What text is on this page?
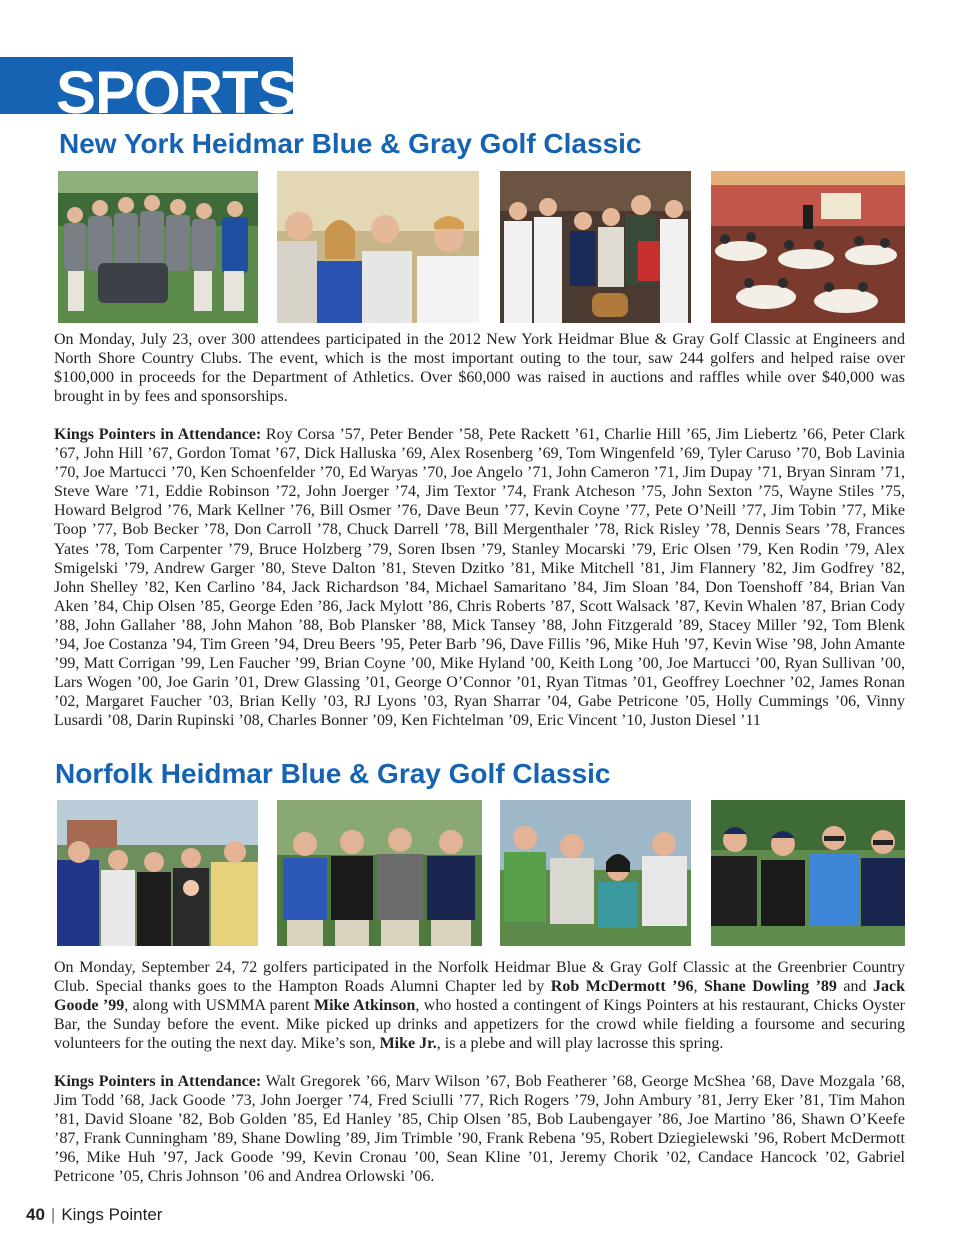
SPORTS
New York Heidmar Blue & Gray Golf Classic

On Monday, July 23, over 300 attendees participated in the 2012 New York Heidmar Blue & Gray Golf Classic at Engineers and North Shore Country Clubs. The event, which is the most important outing to the tour, saw 244 golfers and helped raise over $100,000 in proceeds for the Department of Athletics. Over $60,000 was raised in auctions and raffles while over $40,000 was brought in by fees and sponsorships.

Kings Pointers in Attendance: Roy Corsa ’57, Peter Bender ’58, Pete Rackett ’61, Charlie Hill ’65, Jim Liebertz ’66, Peter Clark ’67, John Hill ’67, Gordon Tomat ’67, Dick Halluska ’69, Alex Rosenberg ’69, Tom Wingenfeld ’69, Tyler Caruso ’70, Bob Lavinia ’70, Joe Martucci ’70, Ken Schoenfelder ’70, Ed Waryas ’70, Joe Angelo ’71, John Cameron ’71, Jim Dupay ’71, Bryan Sinram ’71, Steve Ware ’71, Eddie Robinson ’72, John Joerger ’74, Jim Textor ’74, Frank Atcheson ’75, John Sexton ’75, Wayne Stiles ’75, Howard Belgrod ’76, Mark Kellner ’76, Bill Osmer ’76, Dave Beun ’77, Kevin Coyne ’77, Pete O’Neill ’77, Jim Tobin ’77, Mike Toop ’77, Bob Becker ’78, Don Carroll ’78, Chuck Darrell ’78, Bill Mergenthaler ’78, Rick Risley ’78, Dennis Sears ’78, Frances Yates ’78, Tom Carpenter ’79, Bruce Holzberg ’79, Soren Ibsen ’79, Stanley Mocarski ’79, Eric Olsen ’79, Ken Rodin ’79, Alex Smigelski ’79, Andrew Garger ’80, Steve Dalton ’81, Steven Dzitko ’81, Mike Mitchell ’81, Jim Flannery ’82, Jim Godfrey ’82, John Shelley ’82, Ken Carlino ’84, Jack Richardson ’84, Michael Samaritano ’84, Jim Sloan ’84, Don Toenshoff ’84, Brian Van Aken ’84, Chip Olsen ’85, George Eden ’86, Jack Mylott ’86, Chris Roberts ’87, Scott Walsack ’87, Kevin Whalen ’87, Brian Cody ’88, John Gallaher ’88, John Mahon ’88, Bob Plansker ’88, Mick Tansey ’88, John Fitzgerald ’89, Stacey Miller ’92, Tom Blenk ’94, Joe Costanza ’94, Tim Green ’94, Dreu Beers ’95, Peter Barb ’96, Dave Fillis ’96, Mike Huh ’97, Kevin Wise ’98, John Amante ’99, Matt Corrigan ’99, Len Faucher ’99, Brian Coyne ’00, Mike Hyland ’00, Keith Long ’00, Joe Martucci ’00, Ryan Sullivan ’00, Lars Wogen ’00, Joe Garin ’01, Drew Glassing ’01, George O’Connor ’01, Ryan Titmas ’01, Geoffrey Loechner ’02, James Ronan ’02, Margaret Faucher ’03, Brian Kelly ’03, RJ Lyons ’03, Ryan Sharrar ’04, Gabe Petricone ’05, Holly Cummings ’06, Vinny Lusardi ’08, Darin Rupinski ’08, Charles Bonner ’09, Ken Fichtelman ’09, Eric Vincent ’10, Juston Diesel ’11

Norfolk Heidmar Blue & Gray Golf Classic

On Monday, September 24, 72 golfers participated in the Norfolk Heidmar Blue & Gray Golf Classic at the Greenbrier Country Club. Special thanks goes to the Hampton Roads Alumni Chapter led by Rob McDermott ’96, Shane Dowling ’89 and Jack Goode ’99, along with USMMA parent Mike Atkinson, who hosted a contingent of Kings Pointers at his restaurant, Chicks Oyster Bar, the Sunday before the event. Mike picked up drinks and appetizers for the crowd while fielding a foursome and securing volunteers for the outing the next day. Mike’s son, Mike Jr., is a plebe and will play lacrosse this spring.

Kings Pointers in Attendance: Walt Gregorek ’66, Marv Wilson ’67, Bob Featherer ’68, George McShea ’68, Dave Mozgala ’68, Jim Todd ’68, Jack Goode ’73, John Joerger ’74, Fred Sciulli ’77, Rich Rogers ’79, John Ambury ’81, Jerry Eker ’81, Tim Mahon ’81, David Sloane ’82, Bob Golden ’85, Ed Hanley ’85, Chip Olsen ’85, Bob Laubengayer ’86, Joe Martino ’86, Shawn O’Keefe ’87, Frank Cunningham ’89, Shane Dowling ’89, Jim Trimble ’90, Frank Rebena ’95, Robert Dziegielewski ’96, Robert McDermott ’96, Mike Huh ’97, Jack Goode ’99, Kevin Cronau ’00, Sean Kline ’01, Jeremy Chorik ’02, Candace Hancock ’02, Gabriel Petricone ’05, Chris Johnson ’06 and Andrea Orlowski ’06.

40 | Kings Pointer
